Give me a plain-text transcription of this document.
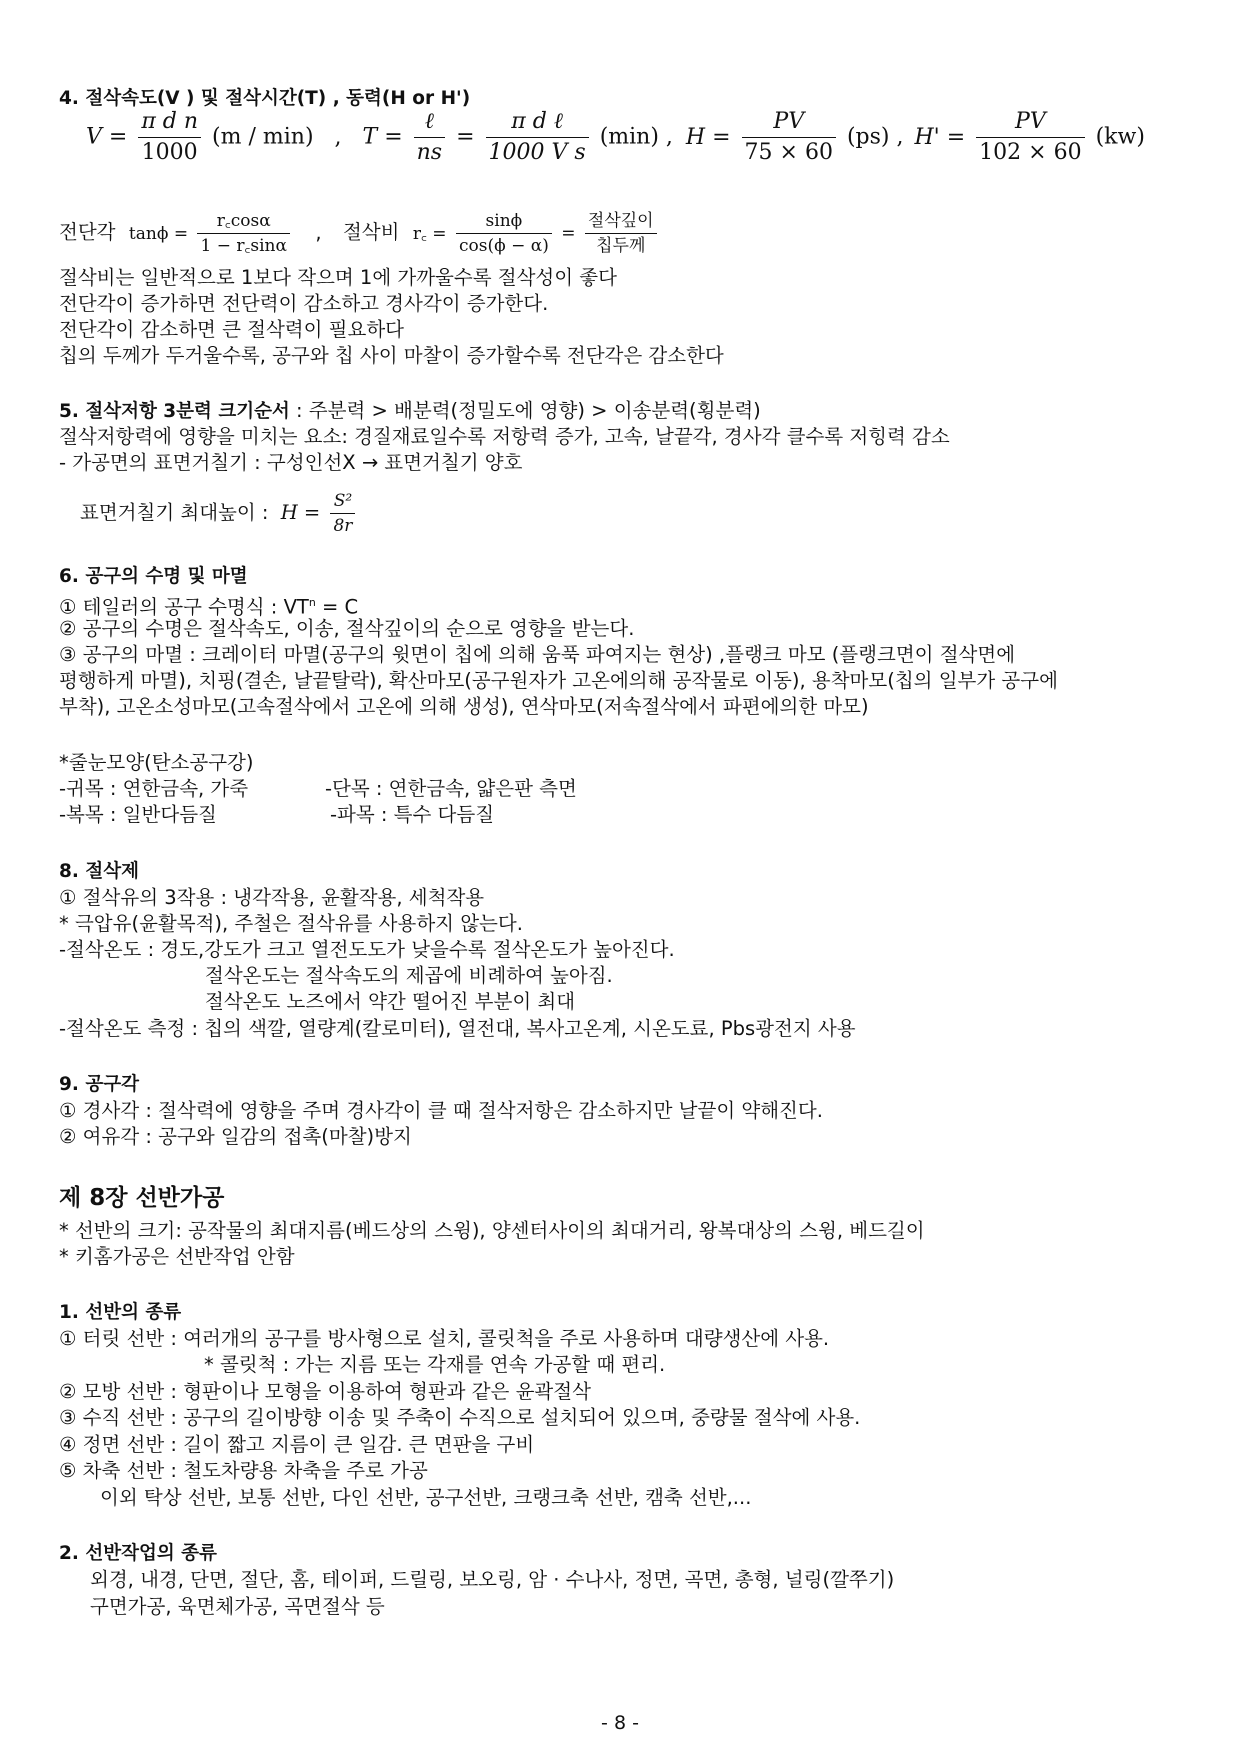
4. 절삭속도(V ) 및 절삭시간(T) , 동력(H or H')
$V = \frac{\text{π d n}}{1000} (m / \min)$ , $T = \frac{\text{ℓ}}{ns} = \frac{\text{π d ℓ}}{\text{1000 V s}} (\min)$ , $H = \frac{PV}{75 \times 60} (ps)$ , $H' = \frac{PV}{102 \times 60} (kw)$
전단각 $\tan\phi = \frac{r꜀\cos\alpha}{1 - r꜀\sin\alpha}$ , 절삭비 r꜀ = $\frac{\sin\phi}{\cos(\phi - \alpha)} = \frac{\text{절삭깊이}}{\text{칩두께}}$
절삭비는 일반적으로 1보다 작으며 1에 가까울수록 절삭성이 좋다
전단각이 증가하면 전단력이 감소하고 경사각이 증가한다.
전단각이 감소하면 큰 절삭력이 필요하다
칩의 두께가 두거울수록, 공구와 칩 사이 마찰이 증가할수록 전단각은 감소한다
5. 절삭저항 3분력 크기순서 : 주분력 > 배분력(정밀도에 영향) > 이송분력(횡분력)
절삭저항력에 영향을 미치는 요소: 경질재료일수록 저항력 증가, 고속, 날끝각, 경사각 클수록 저힝력 감소
- 가공면의 표면거칠기 : 구성인선X → 표면거칠기 양호
표면거칠기 최대높이 : $H = \frac{\text{S²}}{8r}$
6. 공구의 수명 및 마멸
① 테일러의 공구 수명식 : $VT^n = C$
② 공구의 수명은 절삭속도, 이송, 절삭깊이의 순으로 영향을 받는다.
③ 공구의 마멸 : 크레이터 마멸(공구의 윗면이 칩에 의해 움푹 파여지는 현상) ,플랭크 마모 (플랭크면이 절삭면에
평행하게 마멸), 치핑(결손, 날끝탈락), 확산마모(공구원자가 고온에의해 공작물로 이동), 용착마모(칩의 일부가 공구에
부착), 고온소성마모(고속절삭에서 고온에 의해 생성), 연삭마모(저속절삭에서 파편에의한 마모)
*줄눈모양(탄소공구강)
-귀목 : 연한금속, 가죽	-단목 : 연한금속, 얇은판 측면
-복목 : 일반다듬질	-파목 : 특수 다듬질
8. 절삭제
① 절삭유의 3작용 : 냉각작용, 윤활작용, 세척작용
* 극압유(윤활목적), 주철은 절삭유를 사용하지 않는다.
-절삭온도 : 경도,강도가 크고 열전도도가 낮을수록 절삭온도가 높아진다.
절삭온도는 절삭속도의 제곱에 비례하여 높아짐.
절삭온도 노즈에서 약간 떨어진 부분이 최대
-절삭온도 측정 : 칩의 색깔, 열량계(칼로미터), 열전대, 복사고온계, 시온도료, Pbs광전지 사용
9. 공구각
① 경사각 : 절삭력에 영향을 주며 경사각이 클 때 절삭저항은 감소하지만 날끝이 약해진다.
② 여유각 : 공구와 일감의 접촉(마찰)방지
제 8장 선반가공
* 선반의 크기: 공작물의 최대지름(베드상의 스윙), 양센터사이의 최대거리, 왕복대상의 스윙, 베드길이
* 키홈가공은 선반작업 안함
1. 선반의 종류
① 터릿 선반 : 여러개의 공구를 방사형으로 설치, 콜릿척을 주로 사용하며 대량생산에 사용.
* 콜릿척 : 가는 지름 또는 각재를 연속 가공할 때 편리.
② 모방 선반 : 형판이나 모형을 이용하여 형판과 같은 윤곽절삭
③ 수직 선반 : 공구의 길이방향 이송 및 주축이 수직으로 설치되어 있으며, 중량물 절삭에 사용.
④ 정면 선반 : 길이 짧고 지름이 큰 일감. 큰 면판을 구비
⑤ 차축 선반 : 철도차량용 차축을 주로 가공
이외 탁상 선반, 보통 선반, 다인 선반, 공구선반, 크랭크축 선반, 캠축 선반,...
2. 선반작업의 종류
외경, 내경, 단면, 절단, 홈, 테이퍼, 드릴링, 보오링, 암 · 수나사, 정면, 곡면, 총형, 널링(깔쭈기)
구면가공, 육면체가공, 곡면절삭 등
- 8 -
